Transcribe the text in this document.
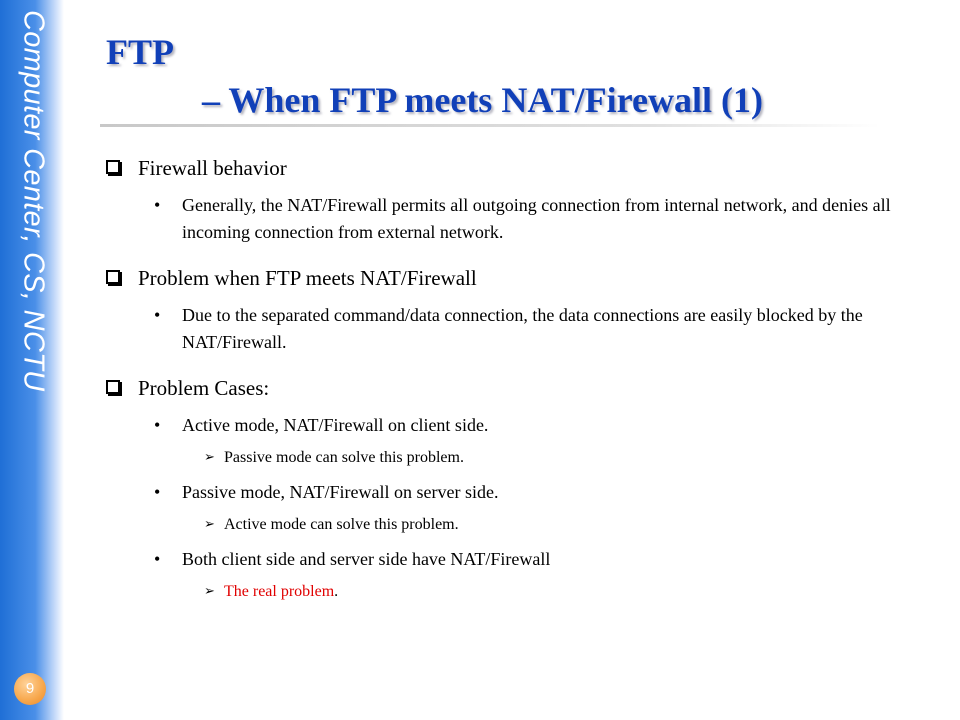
Computer Center, CS, NCTU
9
FTP
– When FTP meets NAT/Firewall (1)
Firewall behavior
• Generally, the NAT/Firewall permits all outgoing connection from internal network, and denies all incoming connection from external network.
Problem when FTP meets NAT/Firewall
• Due to the separated command/data connection, the data connections are easily blocked by the NAT/Firewall.
Problem Cases:
• Active mode, NAT/Firewall on client side.
➢ Passive mode can solve this problem.
• Passive mode, NAT/Firewall on server side.
➢ Active mode can solve this problem.
• Both client side and server side have NAT/Firewall
➢ The real problem.
